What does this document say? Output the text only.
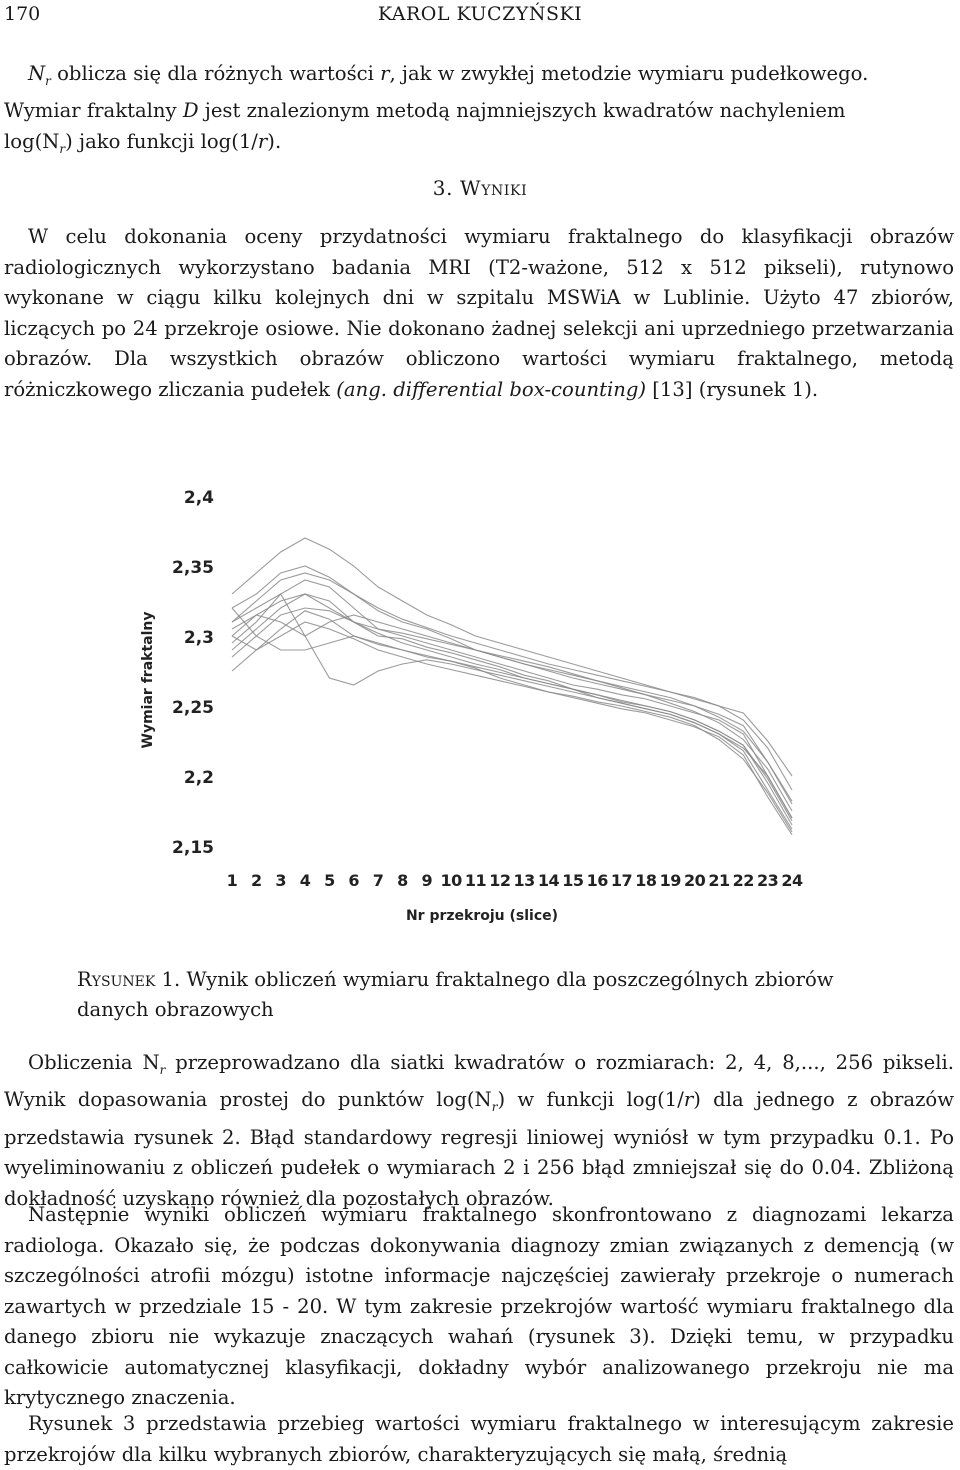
170	KAROL KUCZYŃSKI

$N_r$ oblicza się dla różnych wartości r, jak w zwykłej metodzie wymiaru pudełkowego.
Wymiar fraktalny D jest znalezionym metodą najmniejszych kwadratów nachyleniem
$\log(N_r)$ jako funkcji log(1/r).

3. Wyniki

W celu dokonania oceny przydatności wymiaru fraktalnego do klasyfikacji obrazów radiologicznych wykorzystano badania MRI (T2-ważone, 512 x 512 pikseli), rutynowo wykonane w ciągu kilku kolejnych dni w szpitalu MSWiA w Lublinie. Użyto 47 zbiorów, liczących po 24 przekroje osiowe. Nie dokonano żadnej selekcji ani uprzedniego przetwarzania obrazów. Dla wszystkich obrazów obliczono wartości wymiaru fraktalnego, metodą różniczkowego zliczania pudełek (ang. differential box-counting) [13] (rysunek 1).

2,4
2,35
2,3
2,25
2,2
2,15
1 2 3 4 5 6 7 8 9 10 11 12 13 14 15 16 17 18 19 20 21 22 23 24
Nr przekroju (slice)
Wymiar fraktalny
Rysunek 1. Wynik obliczeń wymiaru fraktalnego dla poszczególnych zbiorów danych obrazowych

Obliczenia $N_r$ przeprowadzano dla siatki kwadratów o rozmiarach: 2, 4, 8,..., 256 pikseli. Wynik dopasowania prostej do punktów $\log(N_r)$ w funkcji log(1/r) dla jednego z obrazów przedstawia rysunek 2. Błąd standardowy regresji liniowej wyniósł w tym przypadku 0.1. Po wyeliminowaniu z obliczeń pudełek o wymiarach 2 i 256 błąd zmniejszał się do 0.04. Zbliżoną dokładność uzyskano również dla pozostałych obrazów.

Następnie wyniki obliczeń wymiaru fraktalnego skonfrontowano z diagnozami lekarza radiologa. Okazało się, że podczas dokonywania diagnozy zmian związanych z demencją (w szczególności atrofii mózgu) istotne informacje najczęściej zawierały przekroje o numerach zawartych w przedziale 15 - 20. W tym zakresie przekrojów wartość wymiaru fraktalnego dla danego zbioru nie wykazuje znaczących wahań (rysunek 3). Dzięki temu, w przypadku całkowicie automatycznej klasyfikacji, dokładny wybór analizowanego przekroju nie ma krytycznego znaczenia.

Rysunek 3 przedstawia przebieg wartości wymiaru fraktalnego w interesującym zakresie przekrojów dla kilku wybranych zbiorów, charakteryzujących się małą, średnią
